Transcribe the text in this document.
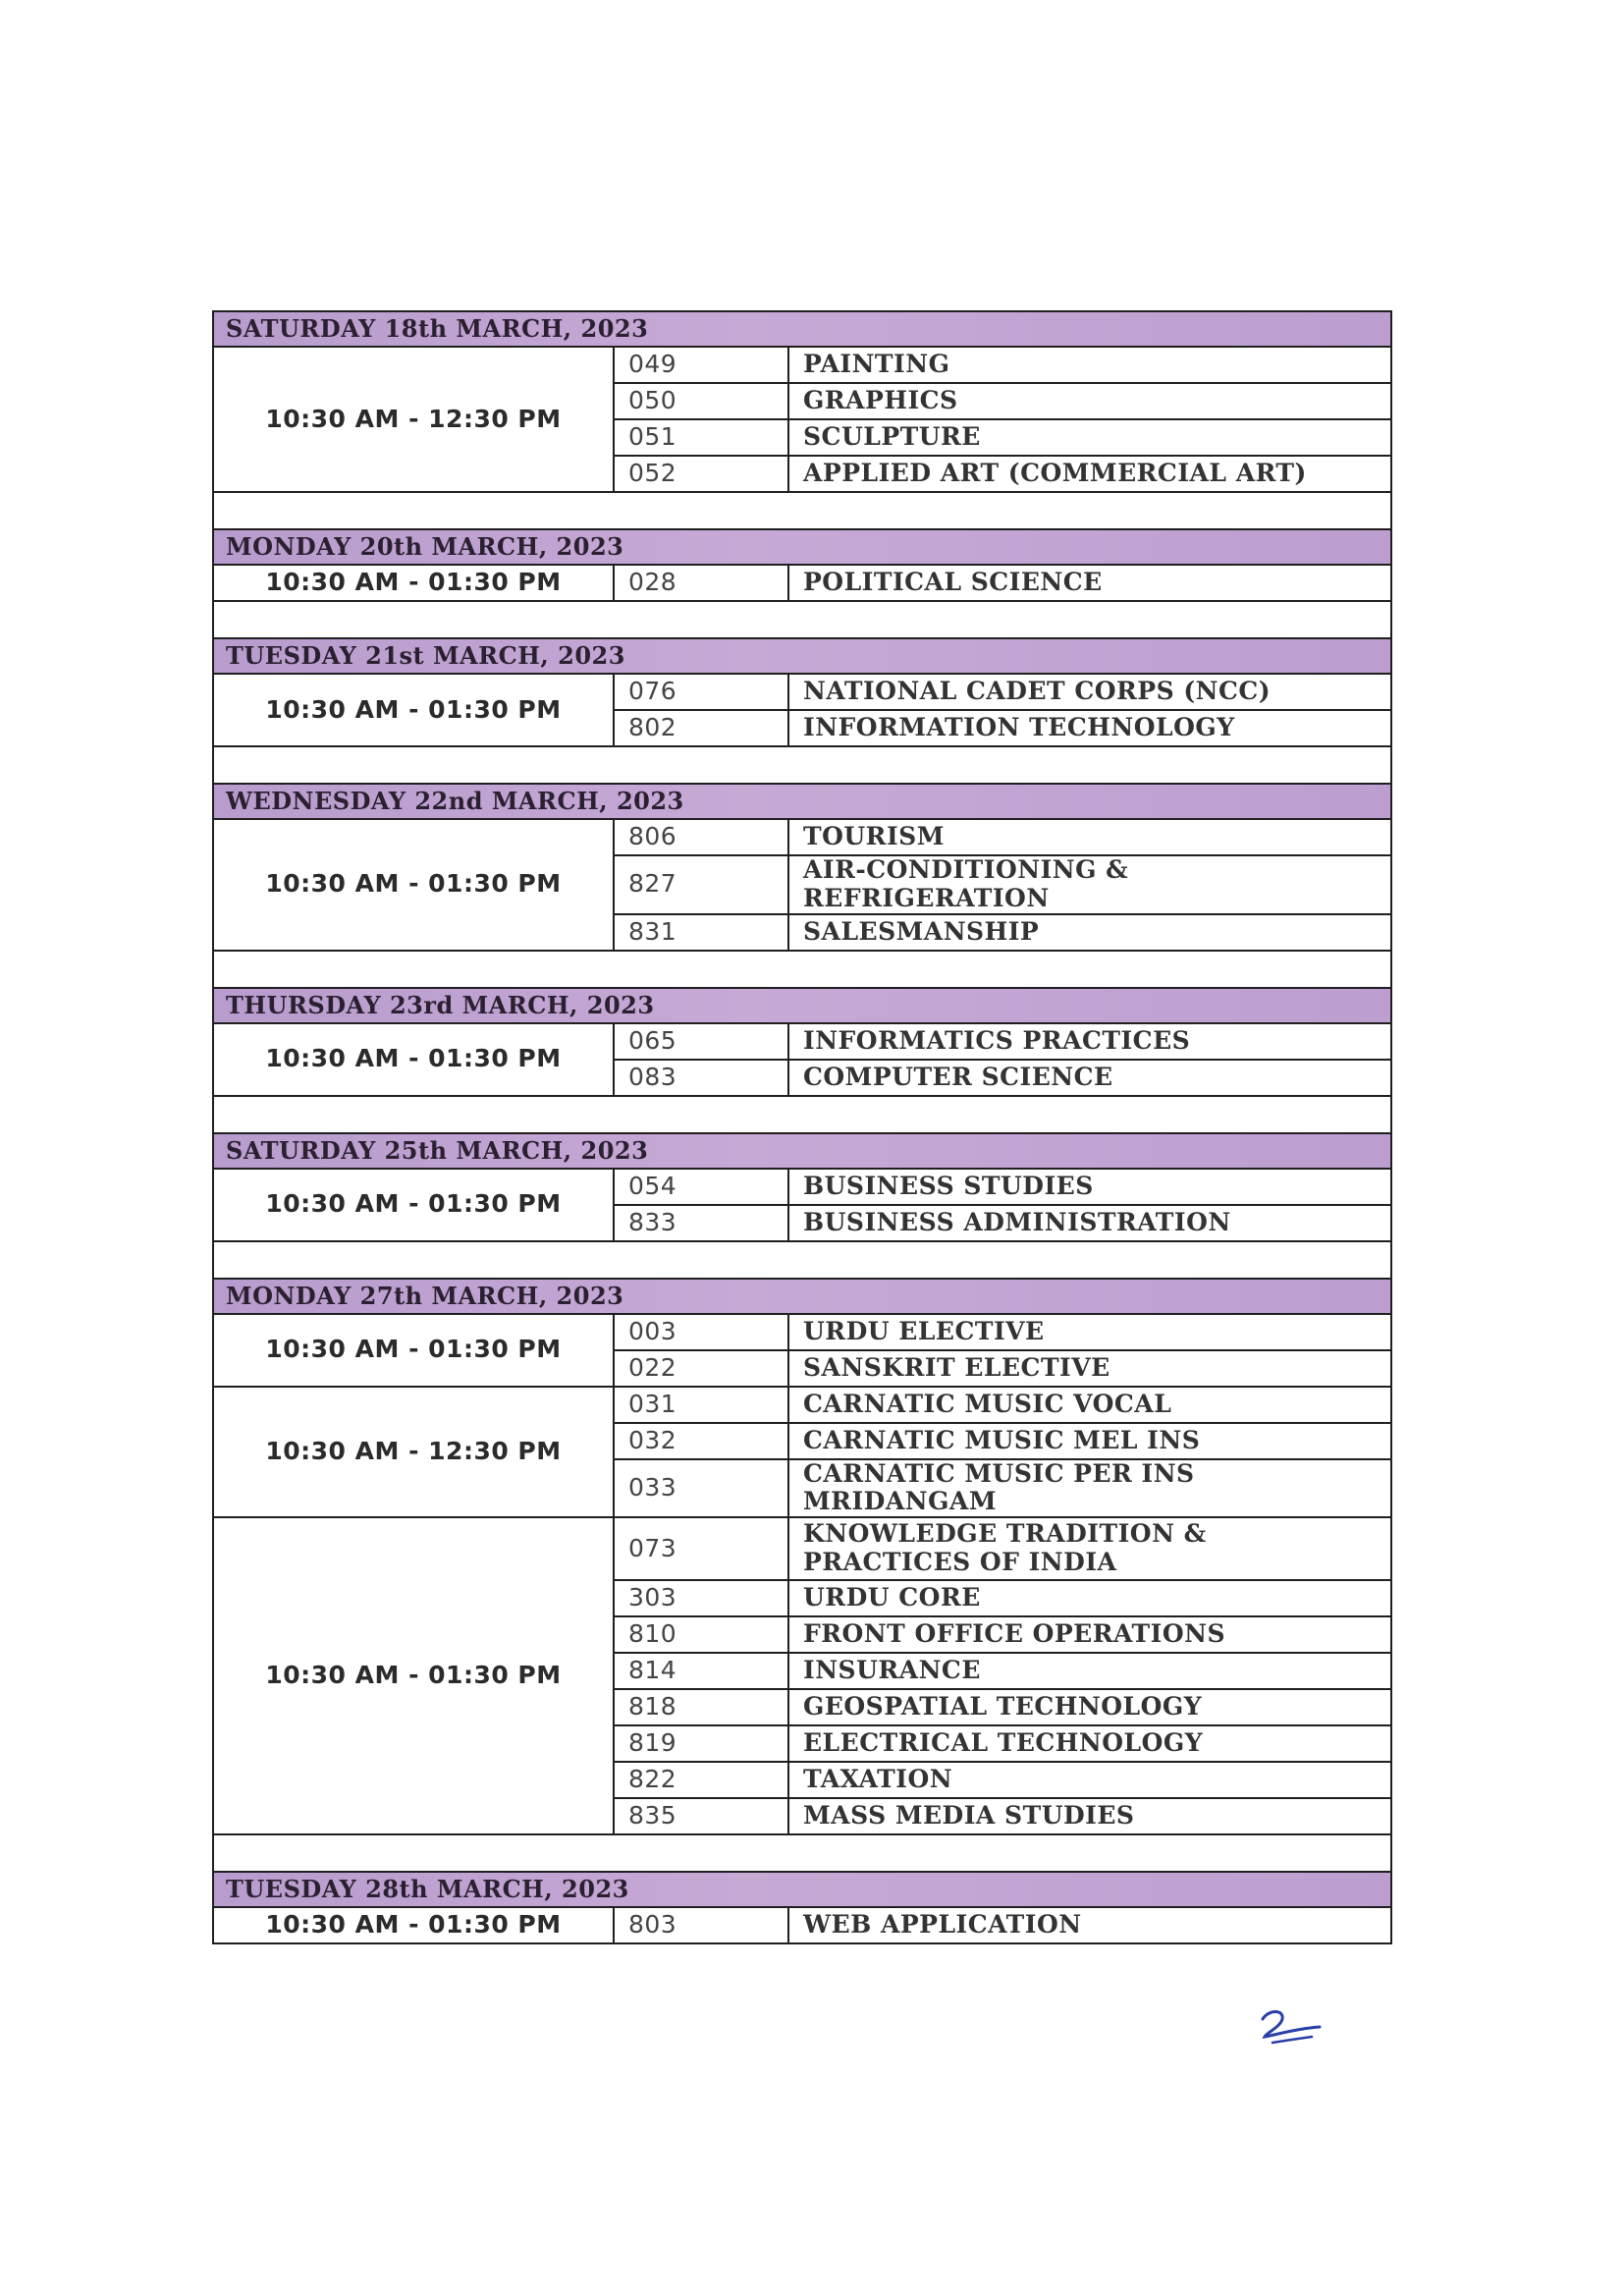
SATURDAY 18th MARCH, 2023		
10:30 AM - 12:30 PM	049	PAINTING
	050	GRAPHICS
	051	SCULPTURE
	052	APPLIED ART (COMMERCIAL ART)

MONDAY 20th MARCH, 2023		
10:30 AM - 01:30 PM	028	POLITICAL SCIENCE

TUESDAY 21st MARCH, 2023		
10:30 AM - 01:30 PM	076	NATIONAL CADET CORPS (NCC)
	802	INFORMATION TECHNOLOGY

WEDNESDAY 22nd MARCH, 2023		
10:30 AM - 01:30 PM	806	TOURISM
	827	AIR-CONDITIONING & REFRIGERATION
	831	SALESMANSHIP

THURSDAY 23rd MARCH, 2023		
10:30 AM - 01:30 PM	065	INFORMATICS PRACTICES
	083	COMPUTER SCIENCE

SATURDAY 25th MARCH, 2023		
10:30 AM - 01:30 PM	054	BUSINESS STUDIES
	833	BUSINESS ADMINISTRATION

MONDAY 27th MARCH, 2023		
10:30 AM - 01:30 PM	003	URDU ELECTIVE
	022	SANSKRIT ELECTIVE
10:30 AM - 12:30 PM	031	CARNATIC MUSIC VOCAL
	032	CARNATIC MUSIC MEL INS
	033	CARNATIC MUSIC PER INS MRIDANGAM
10:30 AM - 01:30 PM	073	KNOWLEDGE TRADITION & PRACTICES OF INDIA
	303	URDU CORE
	810	FRONT OFFICE OPERATIONS
	814	INSURANCE
	818	GEOSPATIAL TECHNOLOGY
	819	ELECTRICAL TECHNOLOGY
	822	TAXATION
	835	MASS MEDIA STUDIES

TUESDAY 28th MARCH, 2023		
10:30 AM - 01:30 PM	803	WEB APPLICATION
